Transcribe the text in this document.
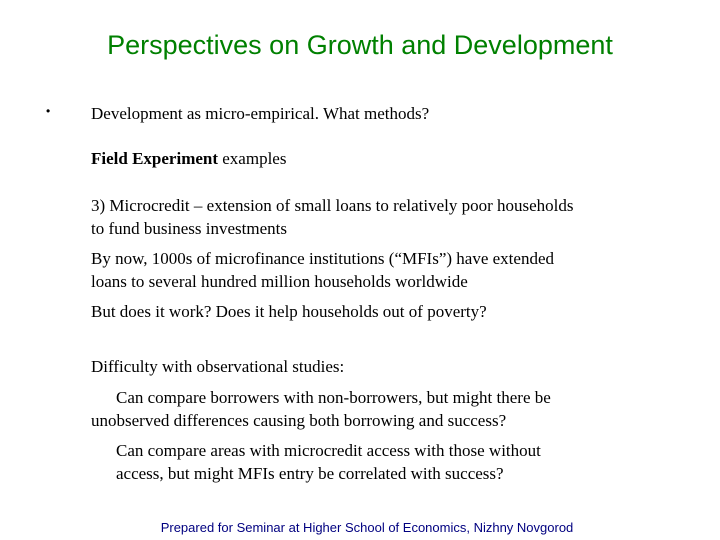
Perspectives on Growth and Development
• Development as micro-empirical. What methods?
Field Experiment examples
3) Microcredit – extension of small loans to relatively poor households
to fund business investments
By now, 1000s of microfinance institutions (“MFIs”) have extended
loans to several hundred million households worldwide
But does it work? Does it help households out of poverty?
Difficulty with observational studies:
Can compare borrowers with non-borrowers, but might there be
unobserved differences causing both borrowing and success?
Can compare areas with microcredit access with those without
access, but might MFIs entry be correlated with success?
Prepared for Seminar at Higher School of Economics, Nizhny Novgorod
